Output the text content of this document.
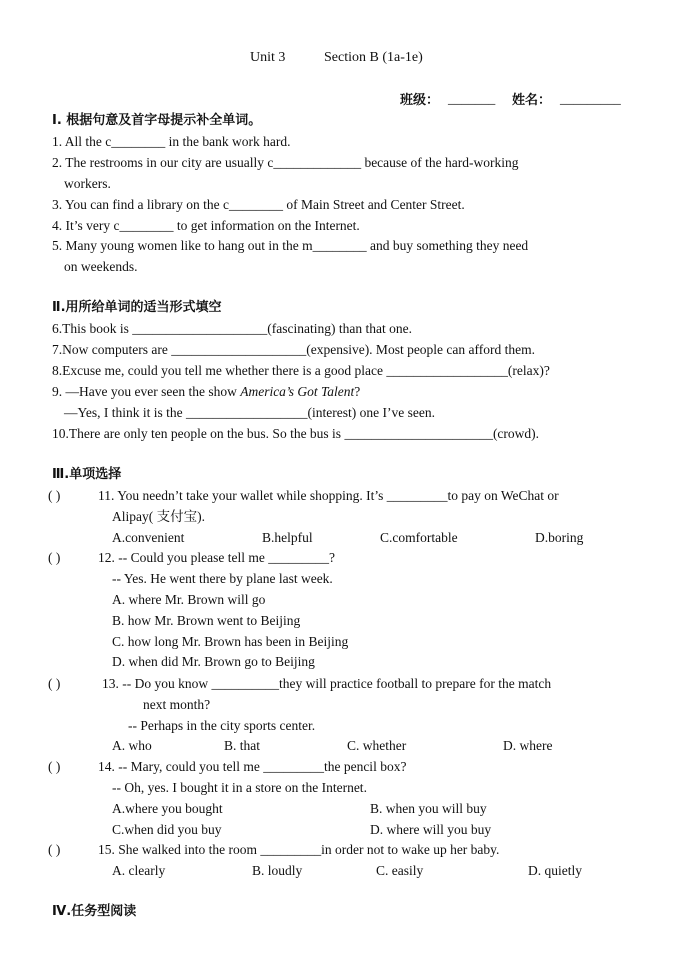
Unit 3	Section B (1a-1e)
班级： _______ 姓名： _________
Ⅰ. 根据句意及首字母提示补全单词。
1. All the c________ in the bank work hard.
2. The restrooms in our city are usually c_____________ because of the hard-working
workers.
3. You can find a library on the c________ of Main Street and Center Street.
4. It’s very c________ to get information on the Internet.
5. Many young women like to hang out in the m________ and buy something they need
on weekends.
Ⅱ.用所给单词的适当形式填空
6.This book is ____________________(fascinating) than that one.
7.Now computers are ____________________(expensive). Most people can afford them.
8.Excuse me, could you tell me whether there is a good place __________________(relax)?
9. —Have you ever seen the show America’s Got Talent?
—Yes, I think it is the __________________(interest) one I’ve seen.
10.There are only ten people on the bus. So the bus is ______________________(crowd).
Ⅲ.单项选择
( )	11. You needn’t take your wallet while shopping. It’s _________to pay on WeChat or
Alipay( 支付宝).
A.convenient	B.helpful	C.comfortable	D.boring
( )	12. -- Could you please tell me _________?
-- Yes. He went there by plane last week.
A. where Mr. Brown will go
B. how Mr. Brown went to Beijing
C. how long Mr. Brown has been in Beijing
D. when did Mr. Brown go to Beijing
( )	13. -- Do you know __________they will practice football to prepare for the match
next month?
-- Perhaps in the city sports center.
A. who	B. that	C. whether	D. where
( )	14. -- Mary, could you tell me _________the pencil box?
-- Oh, yes. I bought it in a store on the Internet.
A.where you bought	B. when you will buy
C.when did you buy	D. where will you buy
( )	15. She walked into the room _________in order not to wake up her baby.
A. clearly	B. loudly	C. easily	D. quietly
Ⅳ.任务型阅读
